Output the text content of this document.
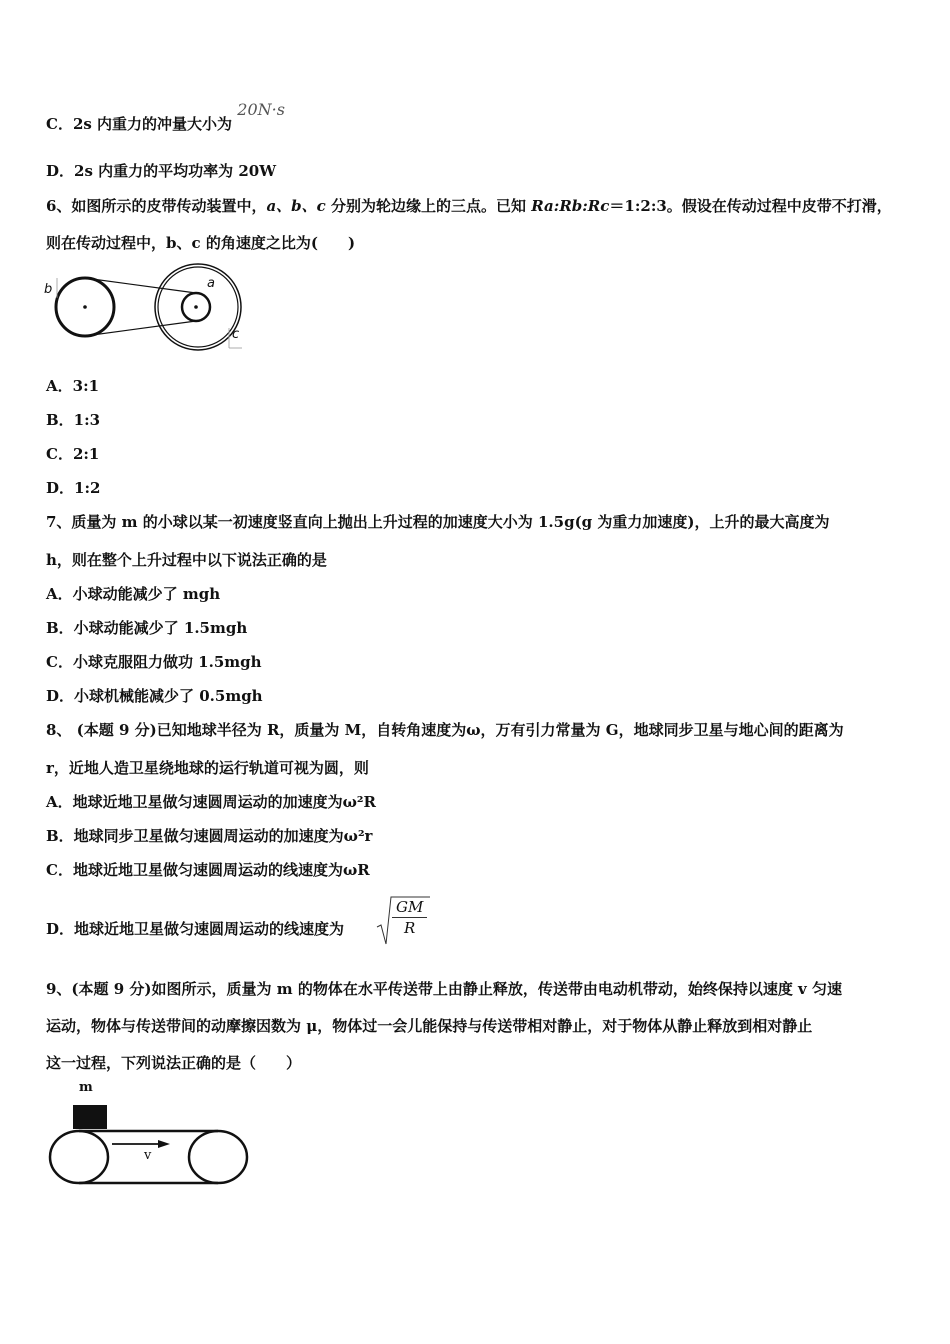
C．2s 内重力的冲量大小为 20N·s
D．2s 内重力的平均功率为 20W
6、如图所示的皮带传动装置中，a、b、c 分别为轮边缘上的三点。已知 Ra:Rb:Rc＝1:2:3。假设在传动过程中皮带不打滑，
则在传动过程中，b、c 的角速度之比为(　　)
b	a
c
A．3:1
B．1:3
C．2:1
D．1:2
7、质量为 m 的小球以某一初速度竖直向上抛出上升过程的加速度大小为 1.5g(g 为重力加速度)，上升的最大高度为
h，则在整个上升过程中以下说法正确的是
A．小球动能减少了 mgh
B．小球动能减少了 1.5mgh
C．小球克服阻力做功 1.5mgh
D．小球机械能减少了 0.5mgh
8、 (本题 9 分)已知地球半径为 R，质量为 M，自转角速度为ω，万有引力常量为 G，地球同步卫星与地心间的距离为
r，近地人造卫星绕地球的运行轨道可视为圆，则
A．地球近地卫星做匀速圆周运动的加速度为ω²R
B．地球同步卫星做匀速圆周运动的加速度为ω²r
C．地球近地卫星做匀速圆周运动的线速度为ωR
D．地球近地卫星做匀速圆周运动的线速度为	$\frac{GM}{R}$
9、(本题 9 分)如图所示，质量为 m 的物体在水平传送带上由静止释放，传送带由电动机带动，始终保持以速度 v 匀速
运动，物体与传送带间的动摩擦因数为 μ，物体过一会儿能保持与传送带相对静止，对于物体从静止释放到相对静止
这一过程，下列说法正确的是（　　）
m
v
